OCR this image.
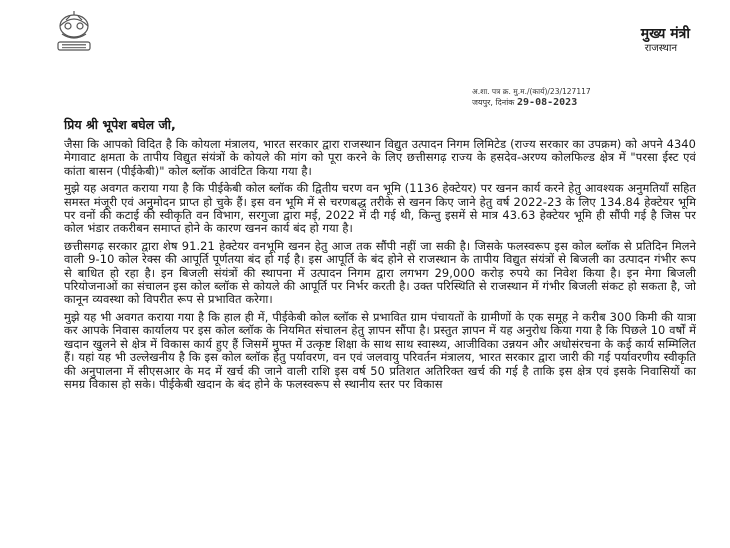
मुख्य मंत्री
राजस्थान
अ.शा. पत्र क्र. मु.म./(कार्य)/23/127117
जयपुर, दिनांक 29-08-2023
प्रिय श्री भूपेश बघेल जी,

जैसा कि आपको विदित है कि कोयला मंत्रालय, भारत सरकार द्वारा राजस्थान विद्युत उत्पादन निगम लिमिटेड (राज्य सरकार का उपक्रम) को अपने 4340 मेगावाट क्षमता के तापीय विद्युत संयंत्रों के कोयले की मांग को पूरा करने के लिए छत्तीसगढ़ राज्य के हसदेव-अरण्य कोलफिल्ड क्षेत्र में "परसा ईस्ट एवं कांता बासन (पीईकेबी)" कोल ब्लॉक आवंटित किया गया है।

मुझे यह अवगत कराया गया है कि पीईकेबी कोल ब्लॉक की द्वितीय चरण वन भूमि (1136 हेक्टेयर) पर खनन कार्य करने हेतु आवश्यक अनुमतियाँ सहित समस्त मंजूरी एवं अनुमोदन प्राप्त हो चुके हैं। इस वन भूमि में से चरणबद्ध तरीके से खनन किए जाने हेतु वर्ष 2022-23 के लिए 134.84 हेक्टेयर भूमि पर वनों की कटाई की स्वीकृति वन विभाग, सरगुजा द्वारा मई, 2022 में दी गई थी, किन्तु इसमें से मात्र 43.63 हेक्टेयर भूमि ही सौंपी गई है जिस पर कोल भंडार तकरीबन समाप्त होने के कारण खनन कार्य बंद हो गया है।

छत्तीसगढ़ सरकार द्वारा शेष 91.21 हेक्टेयर वनभूमि खनन हेतु आज तक सौंपी नहीं जा सकी है। जिसके फलस्वरूप इस कोल ब्लॉक से प्रतिदिन मिलने वाली 9-10 कोल रेक्स की आपूर्ति पूर्णतया बंद हो गई है। इस आपूर्ति के बंद होने से राजस्थान के तापीय विद्युत संयंत्रों से बिजली का उत्पादन गंभीर रूप से बाधित हो रहा है। इन बिजली संयंत्रों की स्थापना में उत्पादन निगम द्वारा लगभग 29,000 करोड़ रुपये का निवेश किया है। इन मेगा बिजली परियोजनाओं का संचालन इस कोल ब्लॉक से कोयले की आपूर्ति पर निर्भर करती है। उक्त परिस्थिति से राजस्थान में गंभीर बिजली संकट हो सकता है, जो कानून व्यवस्था को विपरीत रूप से प्रभावित करेगा।

मुझे यह भी अवगत कराया गया है कि हाल ही में, पीईकेबी कोल ब्लॉक से प्रभावित ग्राम पंचायतों के ग्रामीणों के एक समूह ने करीब 300 किमी की यात्रा कर आपके निवास कार्यालय पर इस कोल ब्लॉक के नियमित संचालन हेतु ज्ञापन सौंपा है। प्रस्तुत ज्ञापन में यह अनुरोध किया गया है कि पिछले 10 वर्षों में खदान खुलने से क्षेत्र में विकास कार्य हुए हैं जिसमें मुफ्त में उत्कृष्ट शिक्षा के साथ साथ स्वास्थ्य, आजीविका उन्नयन और अधोसंरचना के कई कार्य सम्मिलित हैं। यहां यह भी उल्लेखनीय है कि इस कोल ब्लॉक हेतु पर्यावरण, वन एवं जलवायु परिवर्तन मंत्रालय, भारत सरकार द्वारा जारी की गई पर्यावरणीय स्वीकृति की अनुपालना में सीएसआर के मद में खर्च की जाने वाली राशि इस वर्ष 50 प्रतिशत अतिरिक्त खर्च की गई है ताकि इस क्षेत्र एवं इसके निवासियों का समग्र विकास हो सके। पीईकेबी खदान के बंद होने के फलस्वरूप से स्थानीय स्तर पर विकास
